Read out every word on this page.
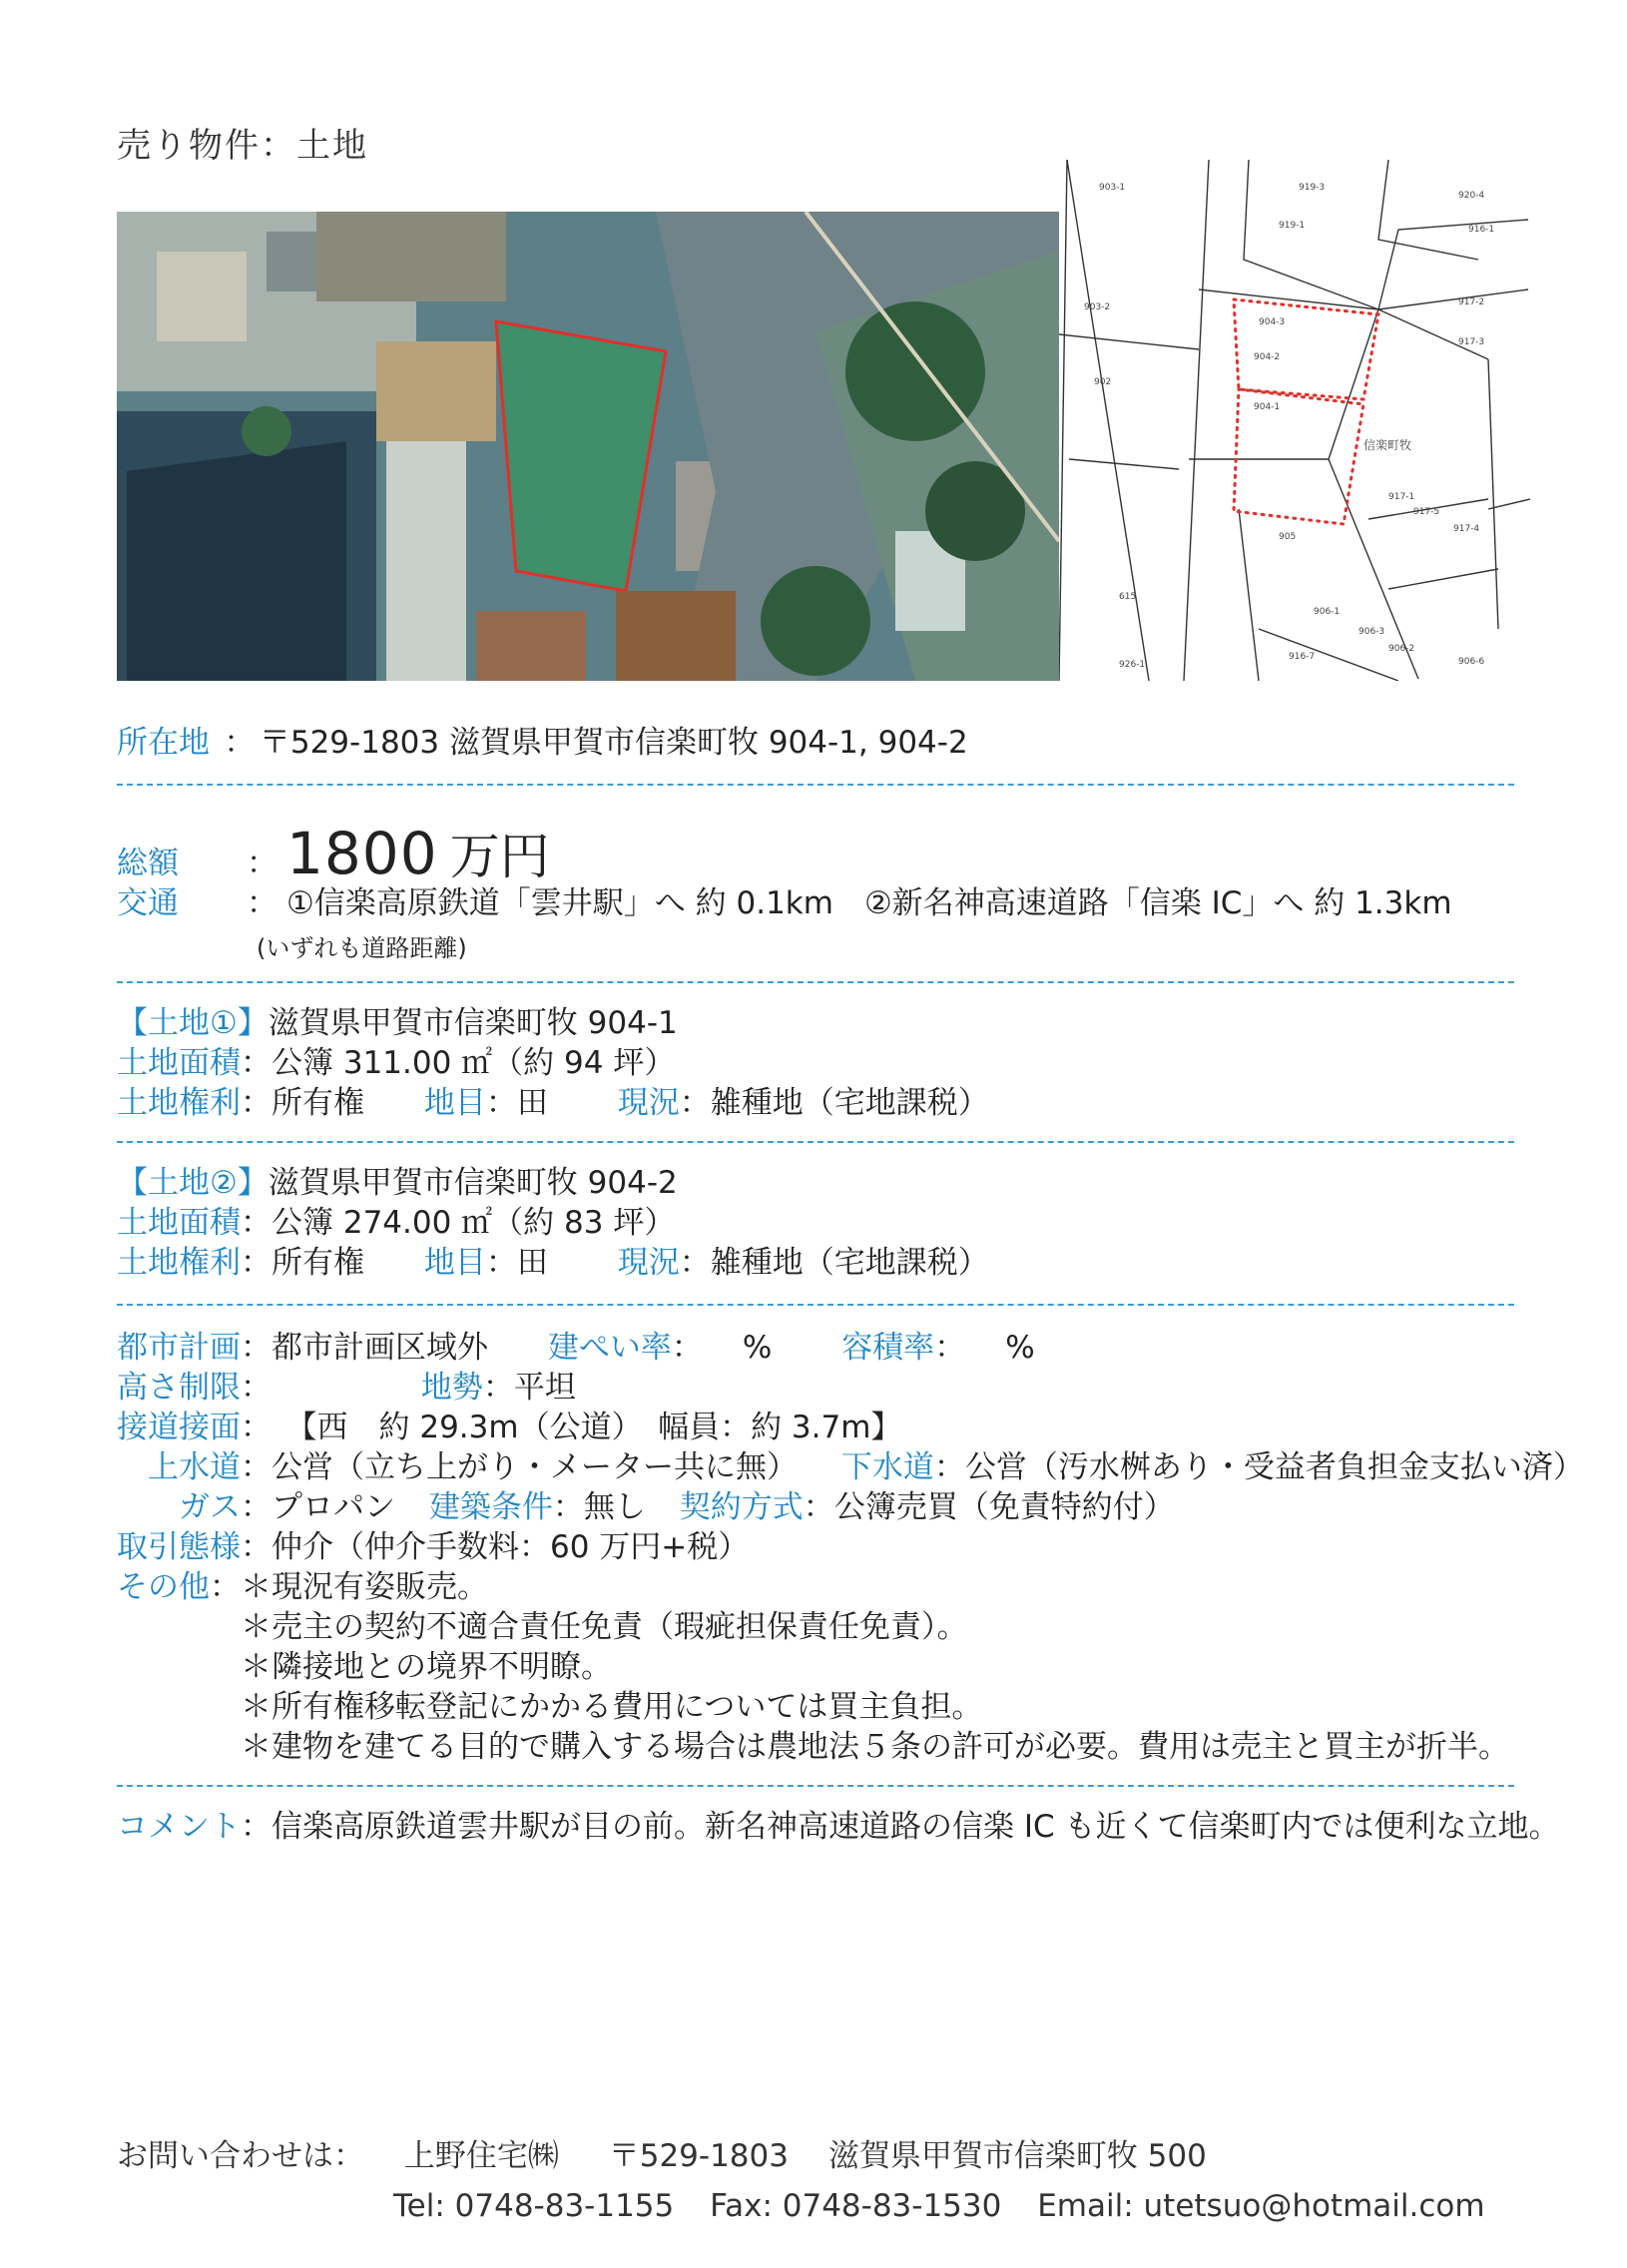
売り物件：土地
903-1	919-3
920-4
919-1	916-1
903-2
904-3
904-2
917-2
917-3
902
904-1
信楽町牧
917-1
917-5
917-4
905
615
906-1
906-3
916-7
906-2
906-6
926-1
所在地 ： 〒529-1803 滋賀県甲賀市信楽町牧 904-1, 904-2
総額 ： 1800 万円
交通 ： ①信楽高原鉄道「雲井駅」へ 約 0.1km　②新名神高速道路「信楽 IC」へ 約 1.3km
(いずれも道路距離)
【土地①】滋賀県甲賀市信楽町牧 904-1
土地面積：公簿 311.00 ㎡（約 94 坪）
土地権利：所有権 地目：田 現況：雑種地（宅地課税）
【土地②】滋賀県甲賀市信楽町牧 904-2
土地面積：公簿 274.00 ㎡（約 83 坪）
土地権利：所有権 地目：田 現況：雑種地（宅地課税）
都市計画：都市計画区域外 建ぺい率： % 容積率： %
高さ制限：	地勢：平坦
接道接面： 【西　約 29.3m（公道）　幅員：約 3.7m】
上水道：公営（立ち上がり・メーター共に無） 下水道：公営（汚水桝あり・受益者負担金支払い済）
ガス：プロパン 建築条件：無し 契約方式：公簿売買（免責特約付）
取引態様：仲介（仲介手数料：60 万円+税）
その他：＊現況有姿販売。
＊売主の契約不適合責任免責（瑕疵担保責任免責）。
＊隣接地との境界不明瞭。
＊所有権移転登記にかかる費用については買主負担。
＊建物を建てる目的で購入する場合は農地法５条の許可が必要。費用は売主と買主が折半。
コメント：信楽高原鉄道雲井駅が目の前。新名神高速道路の信楽 IC も近くて信楽町内では便利な立地。
お問い合わせは： 上野住宅㈱ 〒529-1803 滋賀県甲賀市信楽町牧 500
Tel: 0748-83-1155 Fax: 0748-83-1530 Email: utetsuo@hotmail.com
